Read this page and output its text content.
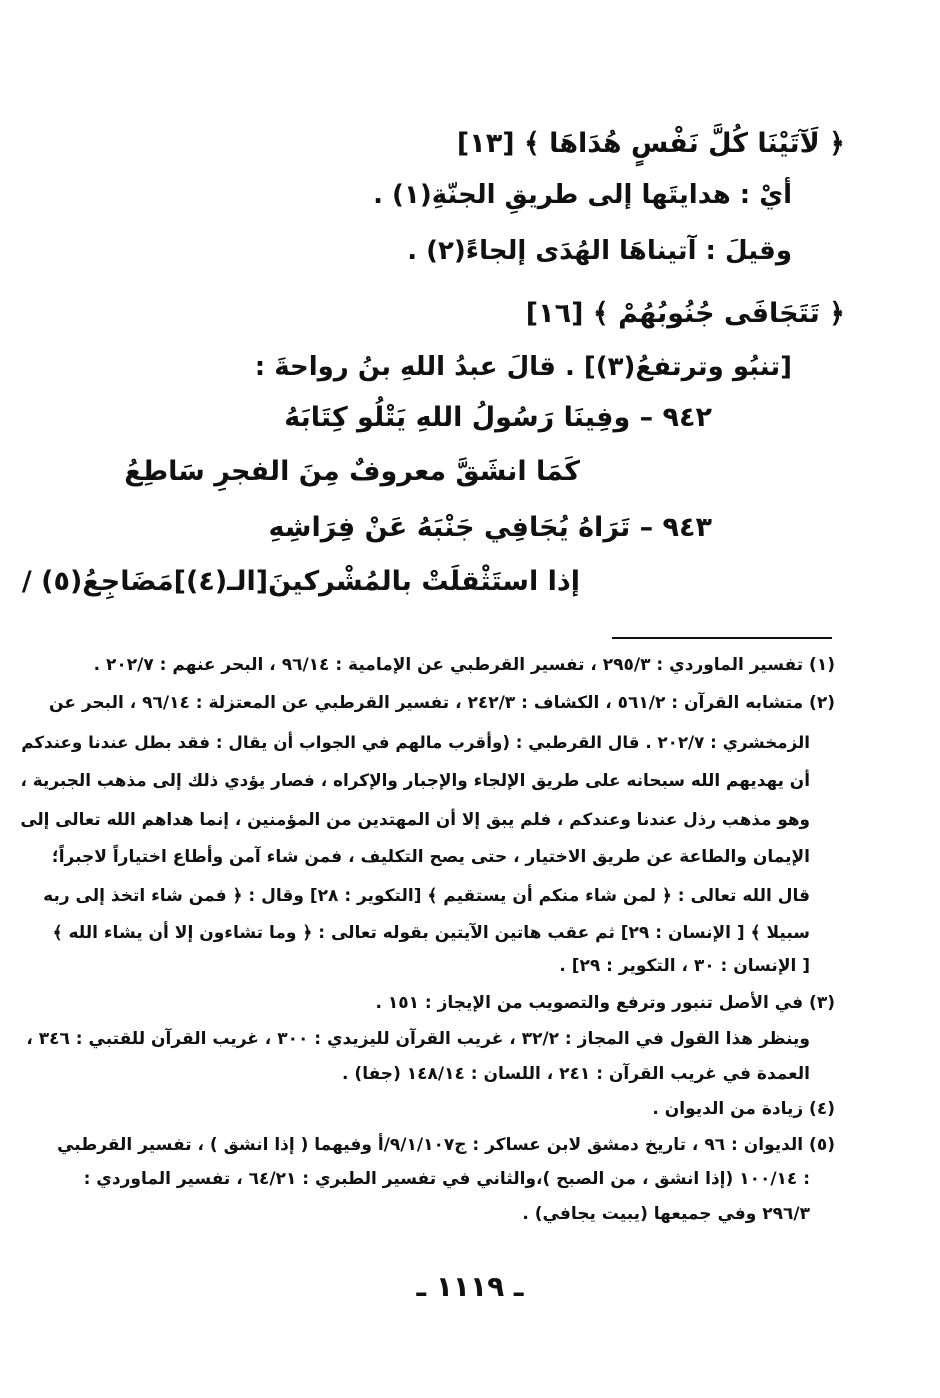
﴿ لَآتَيْنَا كُلَّ نَفْسٍ هُدَاهَا ﴾ [١٣]
أيْ : هدايتَها إلى طريقِ الجنّةِ(١) .
وقيلَ : آتيناهَا الهُدَى إلجاءً(٢) .
﴿ تَتَجَافَى جُنُوبُهُمْ ﴾ [١٦]
[تنبُو وترتفعُ(٣)] . قالَ عبدُ اللهِ بنُ رواحةَ :
٩٤٢ – وفِينَا رَسُولُ اللهِ يَتْلُو كِتَابَهُ
كَمَا انشَقَّ معروفٌ مِنَ الفجرِ سَاطِعُ
٩٤٣ – تَرَاهُ يُجَافِي جَنْبَهُ عَنْ فِرَاشِهِ
إذا استَثْقلَتْ بالمُشْركينَ[الـ(٤)]مَضَاجِعُ(٥) /
(١) تفسير الماوردي : ٢٩٥/٣ ، تفسير القرطبي عن الإمامية : ٩٦/١٤ ، البحر عنهم : ٢٠٢/٧ .
(٢) متشابه القرآن : ٥٦١/٢ ، الكشاف : ٢٤٢/٣ ، تفسير القرطبي عن المعتزلة : ٩٦/١٤ ، البحر عن
الزمخشري : ٢٠٢/٧ . قال القرطبي : (وأقرب مالهم في الجواب أن يقال : فقد بطل عندنا وعندكم
أن يهديهم الله سبحانه على طريق الإلجاء والإجبار والإكراه ، فصار يؤدي ذلك إلى مذهب الجبرية ،
وهو مذهب رذل عندنا وعندكم ، فلم يبق إلا أن المهتدين من المؤمنين ، إنما هداهم الله تعالى إلى
الإيمان والطاعة عن طريق الاختيار ، حتى يصح التكليف ، فمن شاء آمن وأطاع اختياراً لاجبراً؛
قال الله تعالى : ﴿ لمن شاء منكم أن يستقيم ﴾ [التكوير : ٢٨] وقال : ﴿ فمن شاء اتخذ إلى ربه
سبيلا ﴾ [ الإنسان : ٢٩] ثم عقب هاتين الآيتين بقوله تعالى : ﴿ وما تشاءون إلا أن يشاء الله ﴾
[ الإنسان : ٣٠ ، التكوير : ٢٩] .
(٣) في الأصل تنبور وترفع والتصويب من الإيجاز : ١٥١ .
وينظر هذا القول في المجاز : ٣٢/٢ ، غريب القرآن لليزيدي : ٣٠٠ ، غريب القرآن للقتبي : ٣٤٦ ،
العمدة في غريب القرآن : ٢٤١ ، اللسان : ١٤٨/١٤ (جفا) .
(٤) زيادة من الديوان .
(٥) الديوان : ٩٦ ، تاريخ دمشق لابن عساكر : ج٩/١/١٠٧/أ وفيهما ( إذا انشق ) ، تفسير القرطبي
: ١٠٠/١٤ (إذا انشق ، من الصبح )،والثاني في تفسير الطبري : ٦٤/٢١ ، تفسير الماوردي :
٢٩٦/٣ وفي جميعها (يبيت يجافي) .
ـ ١١١٩ ـ
